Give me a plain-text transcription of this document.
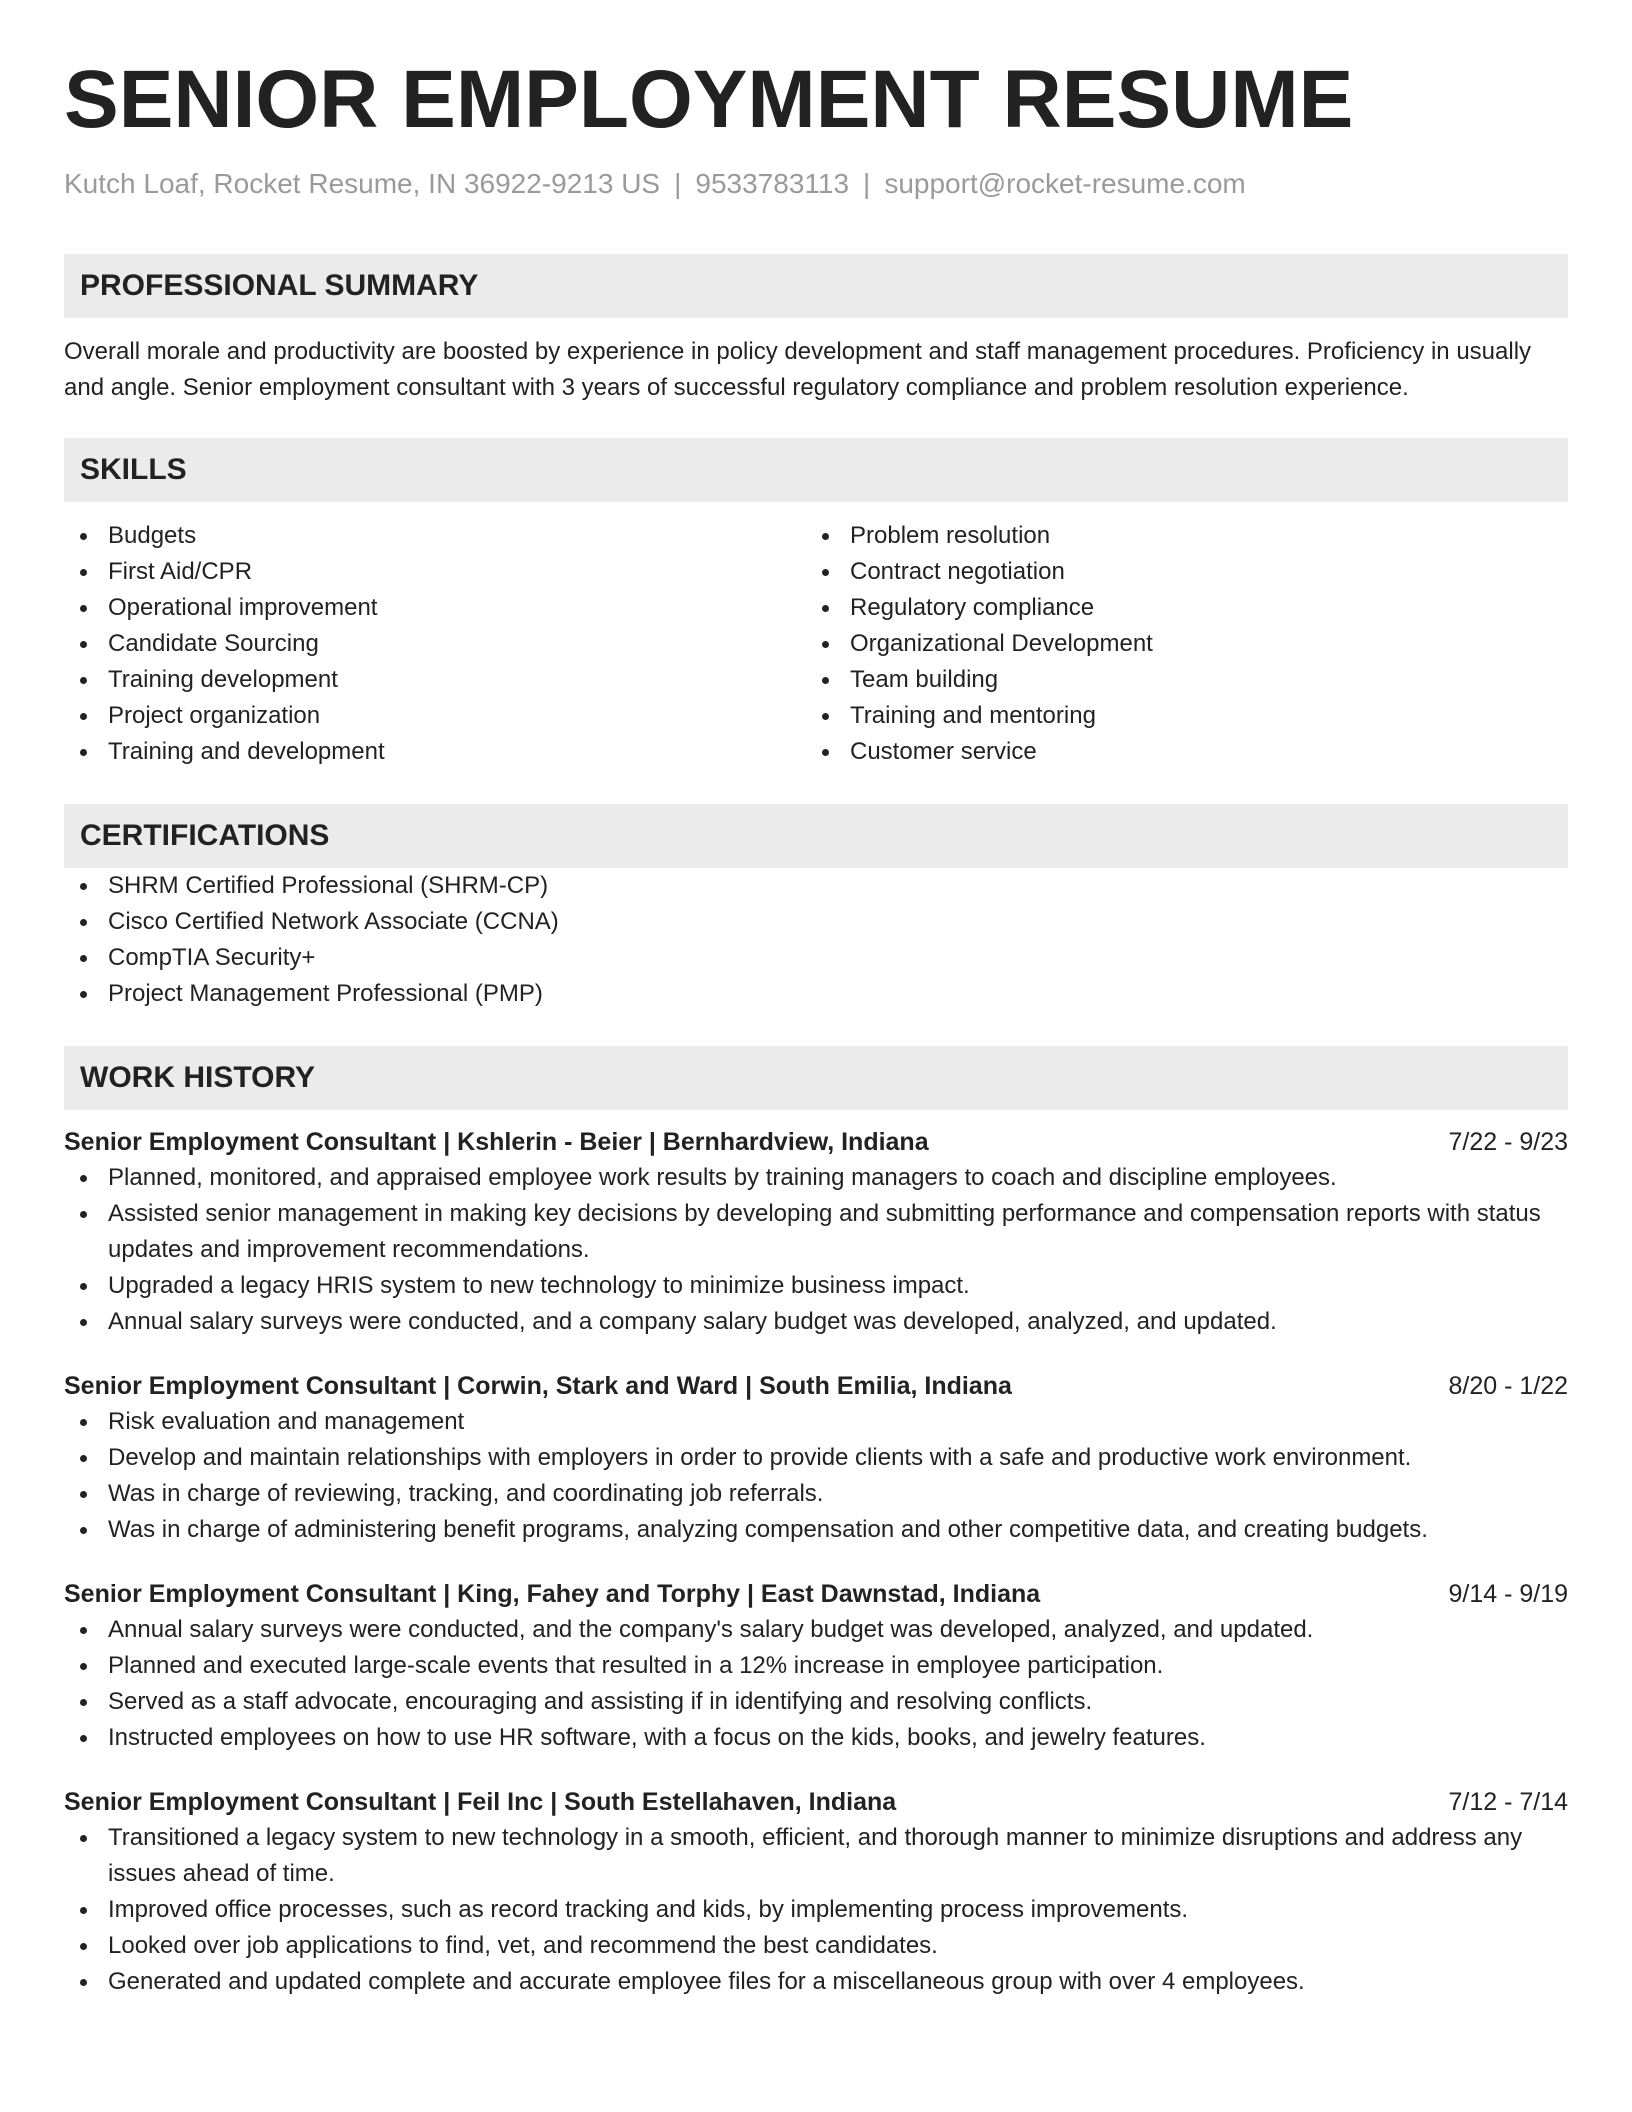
SENIOR EMPLOYMENT RESUME
Kutch Loaf, Rocket Resume, IN 36922-9213 US | 9533783113 | support@rocket-resume.com
PROFESSIONAL SUMMARY

Overall morale and productivity are boosted by experience in policy development and staff management procedures. Proficiency in usually and angle. Senior employment consultant with 3 years of successful regulatory compliance and problem resolution experience.

SKILLS
Budgets
First Aid/CPR
Operational improvement
Candidate Sourcing
Training development
Project organization
Training and development
Problem resolution
Contract negotiation
Regulatory compliance
Organizational Development
Team building
Training and mentoring
Customer service
CERTIFICATIONS
SHRM Certified Professional (SHRM-CP)
Cisco Certified Network Associate (CCNA)
CompTIA Security+
Project Management Professional (PMP)
WORK HISTORY
Senior Employment Consultant | Kshlerin - Beier | Bernhardview, Indiana	7/22 - 9/23
Planned, monitored, and appraised employee work results by training managers to coach and discipline employees.
Assisted senior management in making key decisions by developing and submitting performance and compensation reports with status updates and improvement recommendations.
Upgraded a legacy HRIS system to new technology to minimize business impact.
Annual salary surveys were conducted, and a company salary budget was developed, analyzed, and updated.
Senior Employment Consultant | Corwin, Stark and Ward | South Emilia, Indiana	8/20 - 1/22
Risk evaluation and management
Develop and maintain relationships with employers in order to provide clients with a safe and productive work environment.
Was in charge of reviewing, tracking, and coordinating job referrals.
Was in charge of administering benefit programs, analyzing compensation and other competitive data, and creating budgets.
Senior Employment Consultant | King, Fahey and Torphy | East Dawnstad, Indiana	9/14 - 9/19
Annual salary surveys were conducted, and the company's salary budget was developed, analyzed, and updated.
Planned and executed large-scale events that resulted in a 12% increase in employee participation.
Served as a staff advocate, encouraging and assisting if in identifying and resolving conflicts.
Instructed employees on how to use HR software, with a focus on the kids, books, and jewelry features.
Senior Employment Consultant | Feil Inc | South Estellahaven, Indiana	7/12 - 7/14
Transitioned a legacy system to new technology in a smooth, efficient, and thorough manner to minimize disruptions and address any issues ahead of time.
Improved office processes, such as record tracking and kids, by implementing process improvements.
Looked over job applications to find, vet, and recommend the best candidates.
Generated and updated complete and accurate employee files for a miscellaneous group with over 4 employees.
